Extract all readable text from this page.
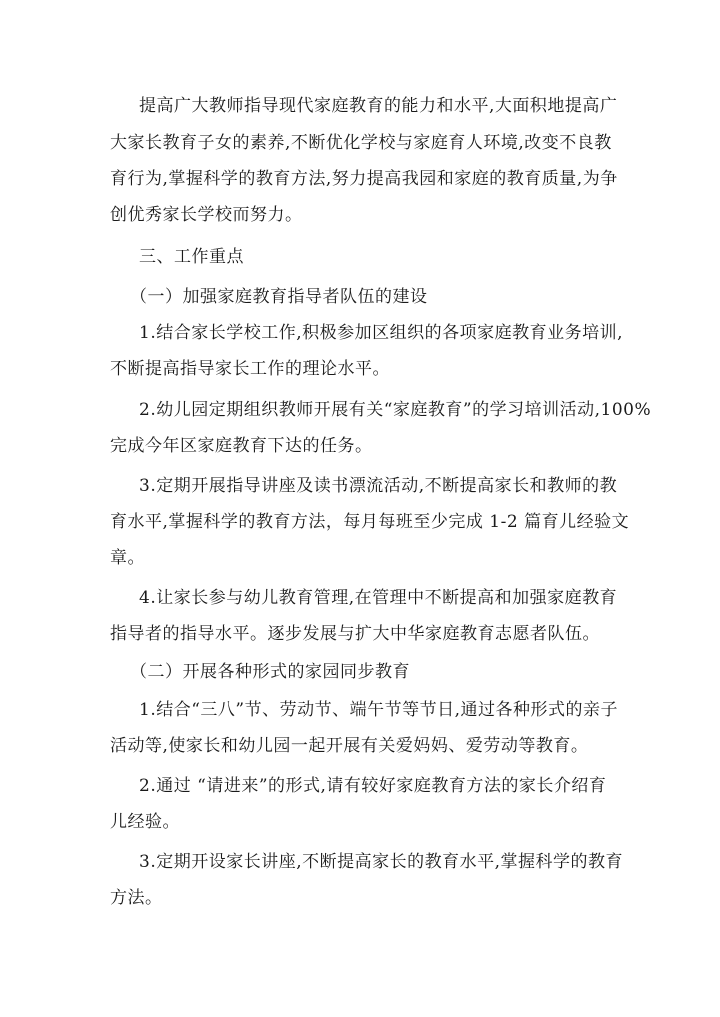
提高广大教师指导现代家庭教育的能力和水平,大面积地提高广
大家长教育子女的素养,不断优化学校与家庭育人环境,改变不良教
育行为,掌握科学的教育方法,努力提高我园和家庭的教育质量,为争
创优秀家长学校而努力。
三、工作重点
（一）加强家庭教育指导者队伍的建设
1.结合家长学校工作,积极参加区组织的各项家庭教育业务培训,
不断提高指导家长工作的理论水平。
2.幼儿园定期组织教师开展有关“家庭教育”的学习培训活动,100%
完成今年区家庭教育下达的任务。
3.定期开展指导讲座及读书漂流活动,不断提高家长和教师的教
育水平,掌握科学的教育方法，每月每班至少完成 1-2 篇育儿经验文
章。
4.让家长参与幼儿教育管理,在管理中不断提高和加强家庭教育
指导者的指导水平。逐步发展与扩大中华家庭教育志愿者队伍。
（二）开展各种形式的家园同步教育
1.结合“三八”节、劳动节、端午节等节日,通过各种形式的亲子
活动等,使家长和幼儿园一起开展有关爱妈妈、爱劳动等教育。
2.通过 “请进来”的形式,请有较好家庭教育方法的家长介绍育
儿经验。
3.定期开设家长讲座,不断提高家长的教育水平,掌握科学的教育
方法。
